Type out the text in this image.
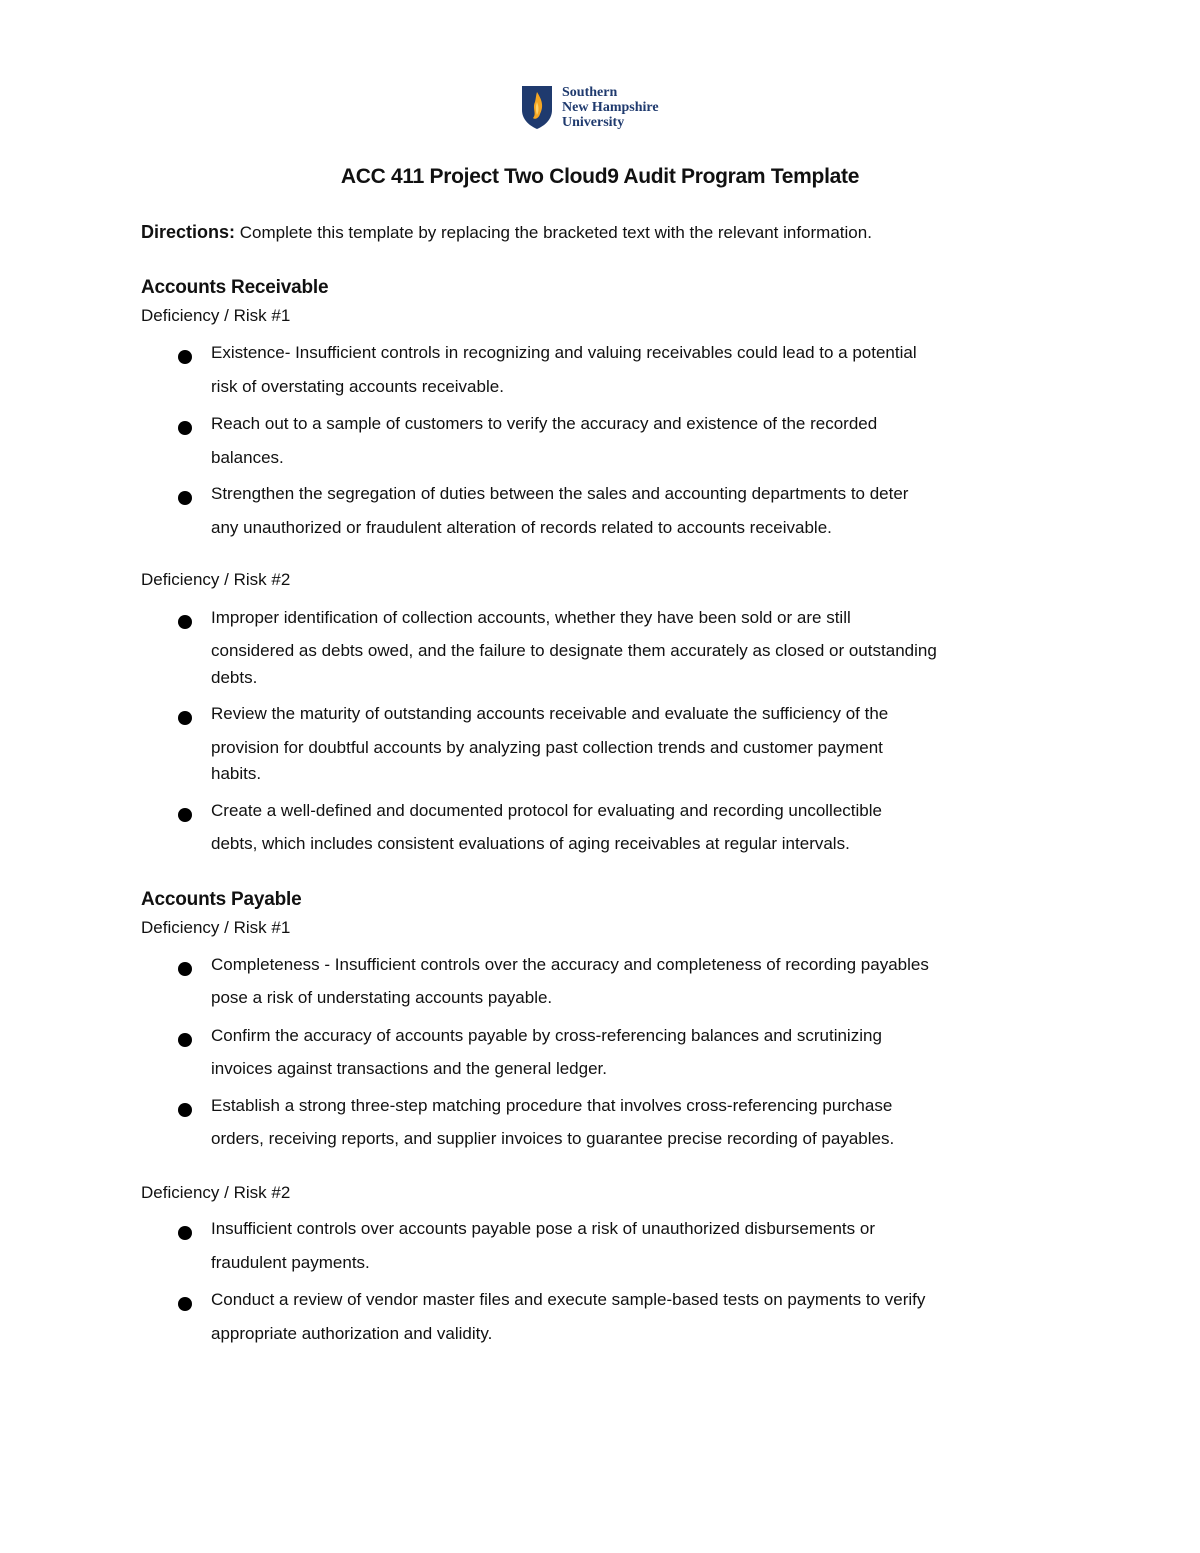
Southern
New Hampshire
University
ACC 411 Project Two Cloud9 Audit Program Template
Directions: Complete this template by replacing the bracketed text with the relevant information.
Accounts Receivable
Deficiency / Risk #1
Existence- Insufficient controls in recognizing and valuing receivables could lead to a potential
risk of overstating accounts receivable.
Reach out to a sample of customers to verify the accuracy and existence of the recorded
balances.
Strengthen the segregation of duties between the sales and accounting departments to deter
any unauthorized or fraudulent alteration of records related to accounts receivable.
Deficiency / Risk #2
Improper identification of collection accounts, whether they have been sold or are still
considered as debts owed, and the failure to designate them accurately as closed or outstanding
debts.
Review the maturity of outstanding accounts receivable and evaluate the sufficiency of the
provision for doubtful accounts by analyzing past collection trends and customer payment
habits.
Create a well-defined and documented protocol for evaluating and recording uncollectible
debts, which includes consistent evaluations of aging receivables at regular intervals.
Accounts Payable
Deficiency / Risk #1
Completeness - Insufficient controls over the accuracy and completeness of recording payables
pose a risk of understating accounts payable.
Confirm the accuracy of accounts payable by cross-referencing balances and scrutinizing
invoices against transactions and the general ledger.
Establish a strong three-step matching procedure that involves cross-referencing purchase
orders, receiving reports, and supplier invoices to guarantee precise recording of payables.
Deficiency / Risk #2
Insufficient controls over accounts payable pose a risk of unauthorized disbursements or
fraudulent payments.
Conduct a review of vendor master files and execute sample-based tests on payments to verify
appropriate authorization and validity.
